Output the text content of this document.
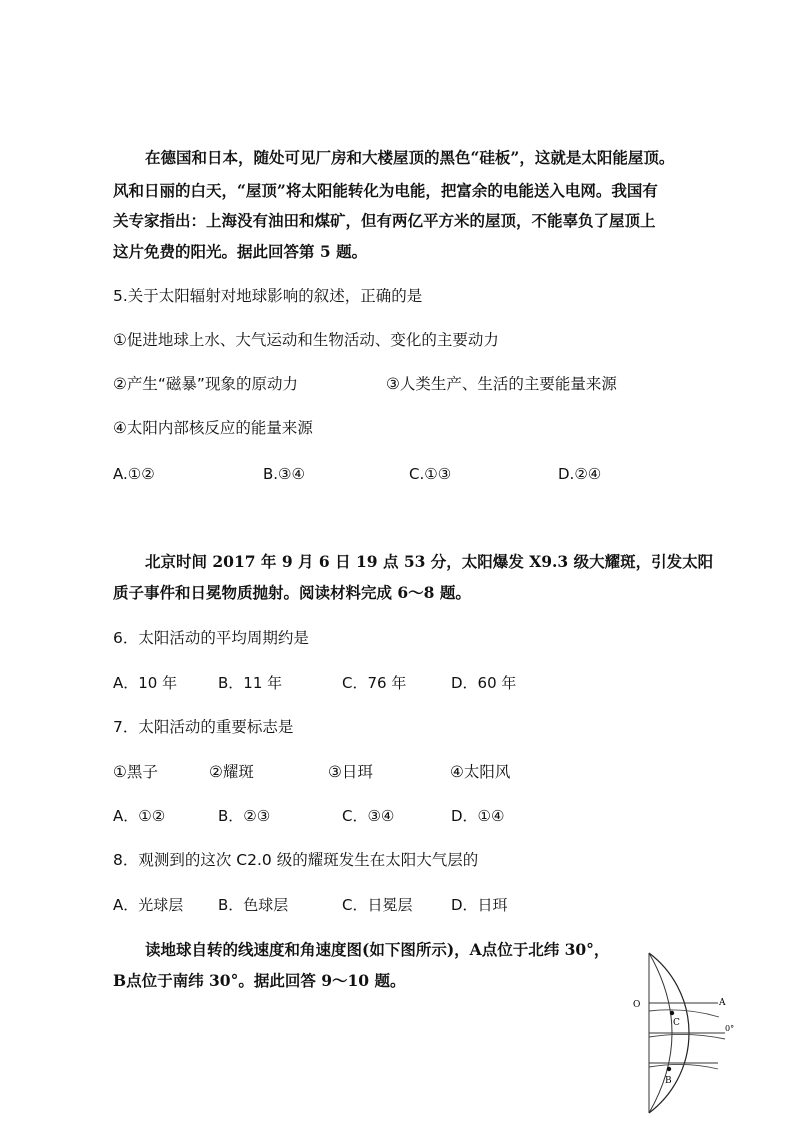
在德国和日本，随处可见厂房和大楼屋顶的黑色“硅板”，这就是太阳能屋顶。
风和日丽的白天，“屋顶”将太阳能转化为电能，把富余的电能送入电网。我国有
关专家指出：上海没有油田和煤矿，但有两亿平方米的屋顶，不能辜负了屋顶上
这片免费的阳光。据此回答第 5 题。
5.关于太阳辐射对地球影响的叙述，正确的是
①促进地球上水、大气运动和生物活动、变化的主要动力
②产生“磁暴”现象的原动力	③人类生产、生活的主要能量来源
④太阳内部核反应的能量来源
A.①②	B.③④	C.①③	D.②④
北京时间 2017 年 9 月 6 日 19 点 53 分，太阳爆发 X9.3 级大耀斑，引发太阳
质子事件和日冕物质抛射。阅读材料完成 6～8 题。
6．太阳活动的平均周期约是
A．10 年	B．11 年	C．76 年	D．60 年
7．太阳活动的重要标志是
①黑子	②耀斑	③日珥	④太阳风
A．①②	B．②③	C．③④	D．①④
8．观测到的这次 C2.0 级的耀斑发生在太阳大气层的
A．光球层 B．色球层	C．日冕层	D．日珥
读地球自转的线速度和角速度图(如下图所示)，A点位于北纬 30°，
B点位于南纬 30°。据此回答 9～10 题。
O	A
C
0°
B
